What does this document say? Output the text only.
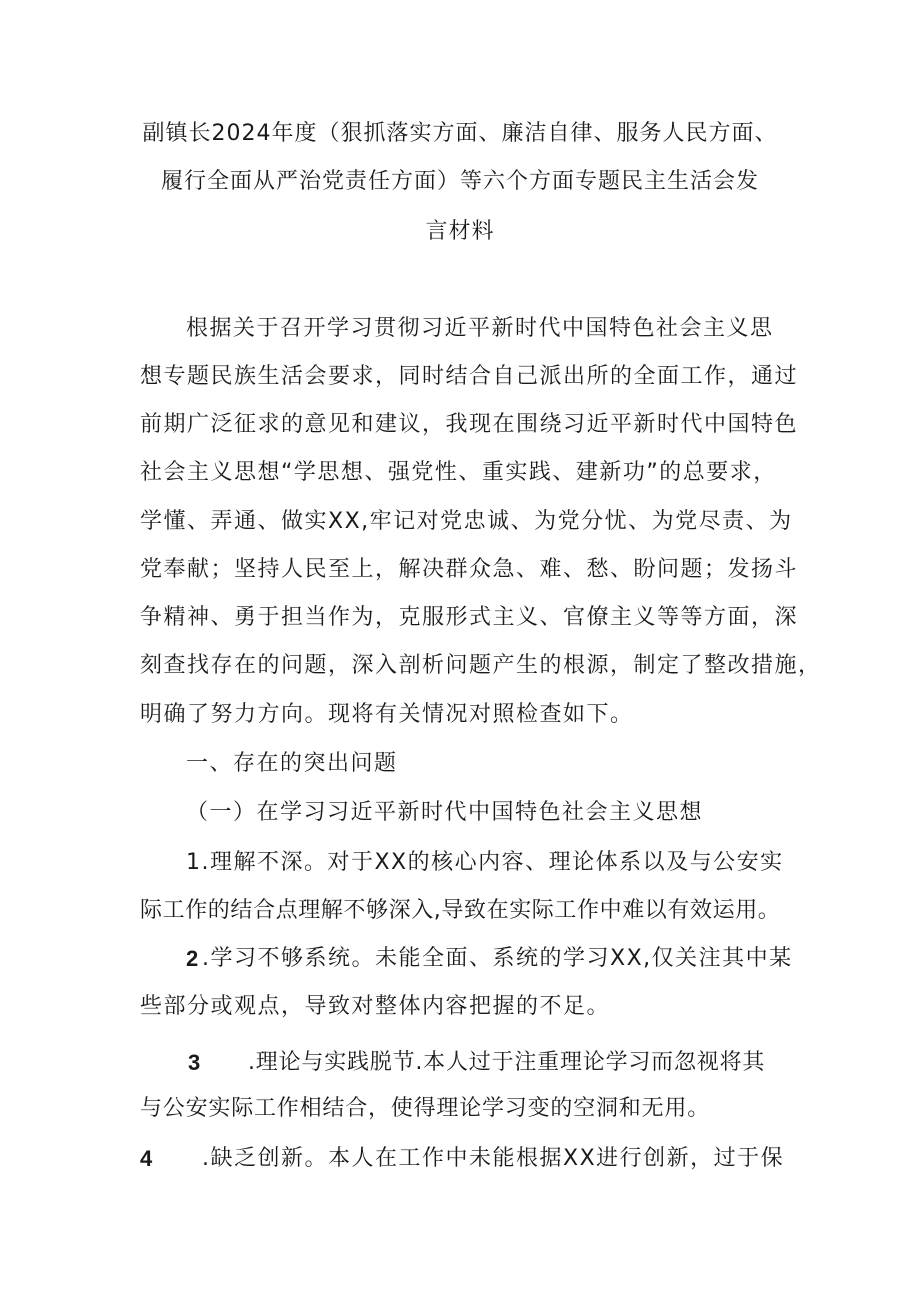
副镇长2024年度（狠抓落实方面、廉洁自律、服务人民方面、
履行全面从严治党责任方面）等六个方面专题民主生活会发
言材料
根据关于召开学习贯彻习近平新时代中国特色社会主义思
想专题民族生活会要求，同时结合自己派出所的全面工作，通过
前期广泛征求的意见和建议，我现在围绕习近平新时代中国特色
社会主义思想“学思想、强党性、重实践、建新功”的总要求，
学懂、弄通、做实XX,牢记对党忠诚、为党分忧、为党尽责、为
党奉献；坚持人民至上，解决群众急、难、愁、盼问题；发扬斗
争精神、勇于担当作为，克服形式主义、官僚主义等等方面，深
刻查找存在的问题，深入剖析问题产生的根源，制定了整改措施，
明确了努力方向。现将有关情况对照检查如下。
一、存在的突出问题
（一）在学习习近平新时代中国特色社会主义思想
1.理解不深。对于XX的核心内容、理论体系以及与公安实
际工作的结合点理解不够深入,导致在实际工作中难以有效运用。
2 .学习不够系统。未能全面、系统的学习XX,仅关注其中某
些部分或观点，导致对整体内容把握的不足。
3 .理论与实践脱节.本人过于注重理论学习而忽视将其
与公安实际工作相结合，使得理论学习变的空洞和无用。
4 .缺乏创新。本人在工作中未能根据XX进行创新，过于保
